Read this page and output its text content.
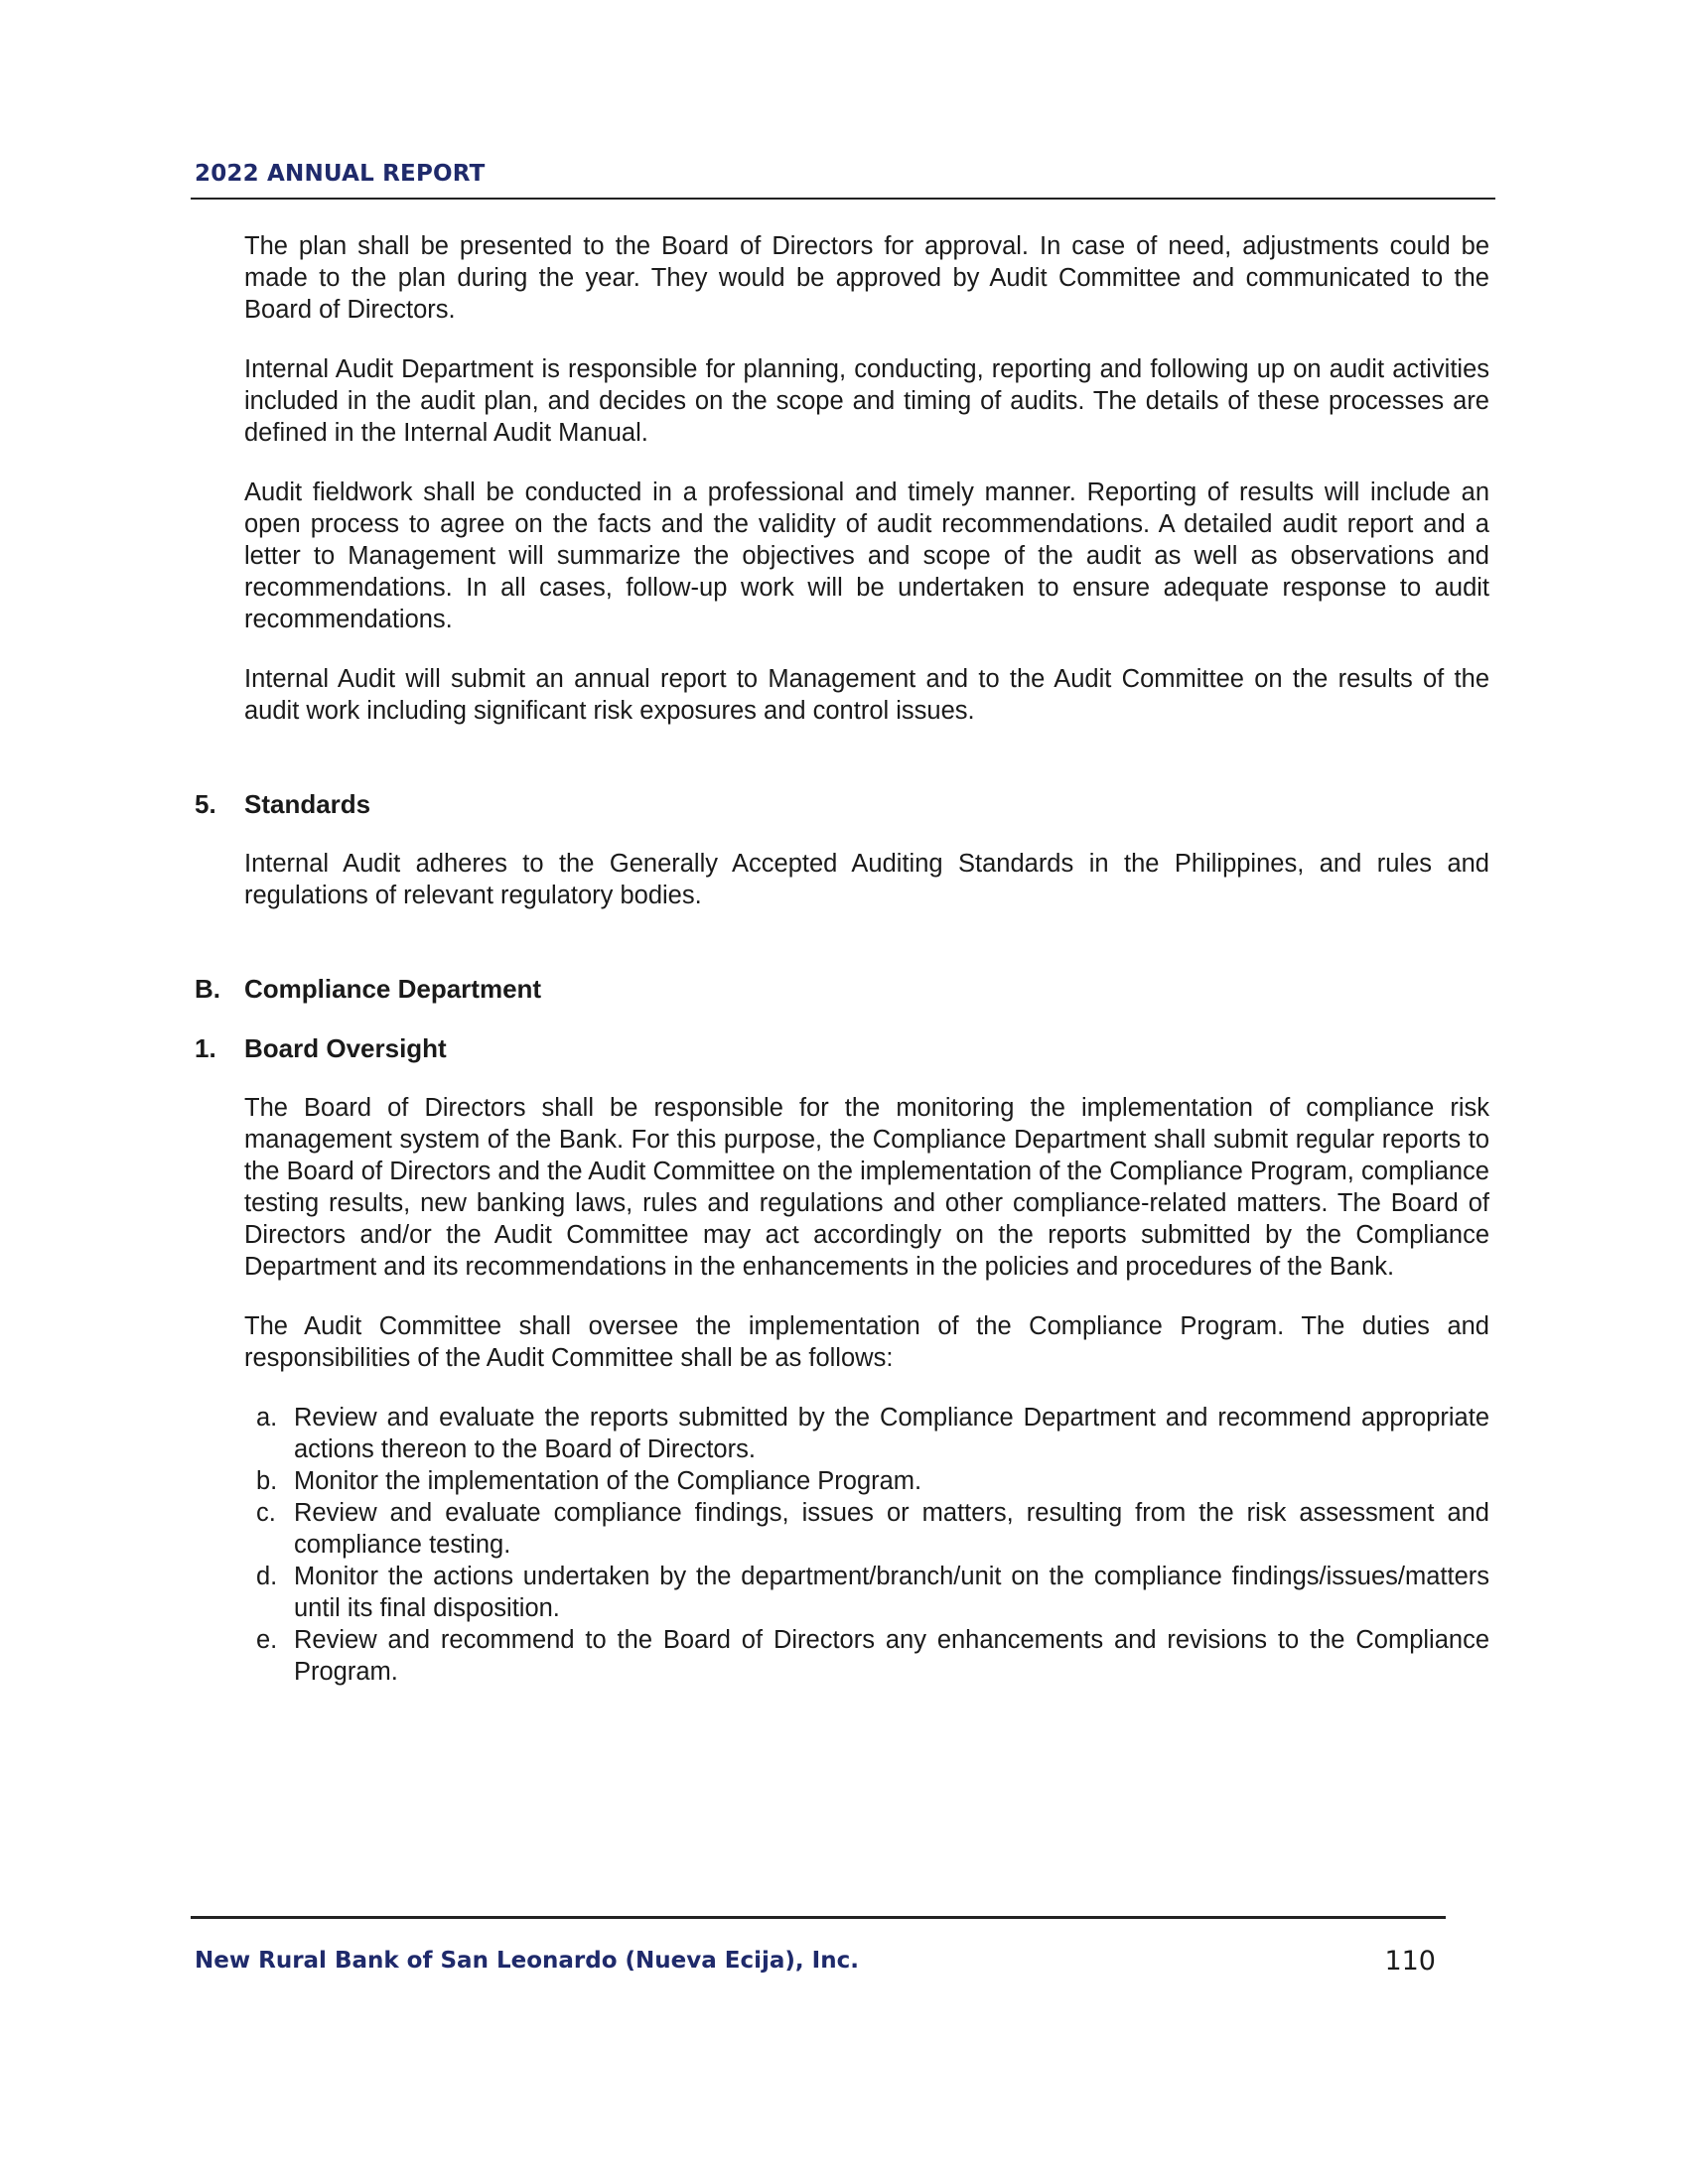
2022 ANNUAL REPORT

The plan shall be presented to the Board of Directors for approval. In case of need, adjustments could be made to the plan during the year. They would be approved by Audit Committee and communicated to the Board of Directors.

Internal Audit Department is responsible for planning, conducting, reporting and following up on audit activities included in the audit plan, and decides on the scope and timing of audits. The details of these processes are defined in the Internal Audit Manual.

Audit fieldwork shall be conducted in a professional and timely manner. Reporting of results will include an open process to agree on the facts and the validity of audit recommendations. A detailed audit report and a letter to Management will summarize the objectives and scope of the audit as well as observations and recommendations. In all cases, follow-up work will be undertaken to ensure adequate response to audit recommendations.

Internal Audit will submit an annual report to Management and to the Audit Committee on the results of the audit work including significant risk exposures and control issues.

5. Standards

Internal Audit adheres to the Generally Accepted Auditing Standards in the Philippines, and rules and regulations of relevant regulatory bodies.

B. Compliance Department
1. Board Oversight

The Board of Directors shall be responsible for the monitoring the implementation of compliance risk management system of the Bank. For this purpose, the Compliance Department shall submit regular reports to the Board of Directors and the Audit Committee on the implementation of the Compliance Program, compliance testing results, new banking laws, rules and regulations and other compliance-related matters. The Board of Directors and/or the Audit Committee may act accordingly on the reports submitted by the Compliance Department and its recommendations in the enhancements in the policies and procedures of the Bank.

The Audit Committee shall oversee the implementation of the Compliance Program. The duties and responsibilities of the Audit Committee shall be as follows:

a. Review and evaluate the reports submitted by the Compliance Department and recommend appropriate actions thereon to the Board of Directors.
b. Monitor the implementation of the Compliance Program.
c. Review and evaluate compliance findings, issues or matters, resulting from the risk assessment and compliance testing.
d. Monitor the actions undertaken by the department/branch/unit on the compliance findings/issues/matters until its final disposition.
e. Review and recommend to the Board of Directors any enhancements and revisions to the Compliance Program.
New Rural Bank of San Leonardo (Nueva Ecija), Inc.	110
